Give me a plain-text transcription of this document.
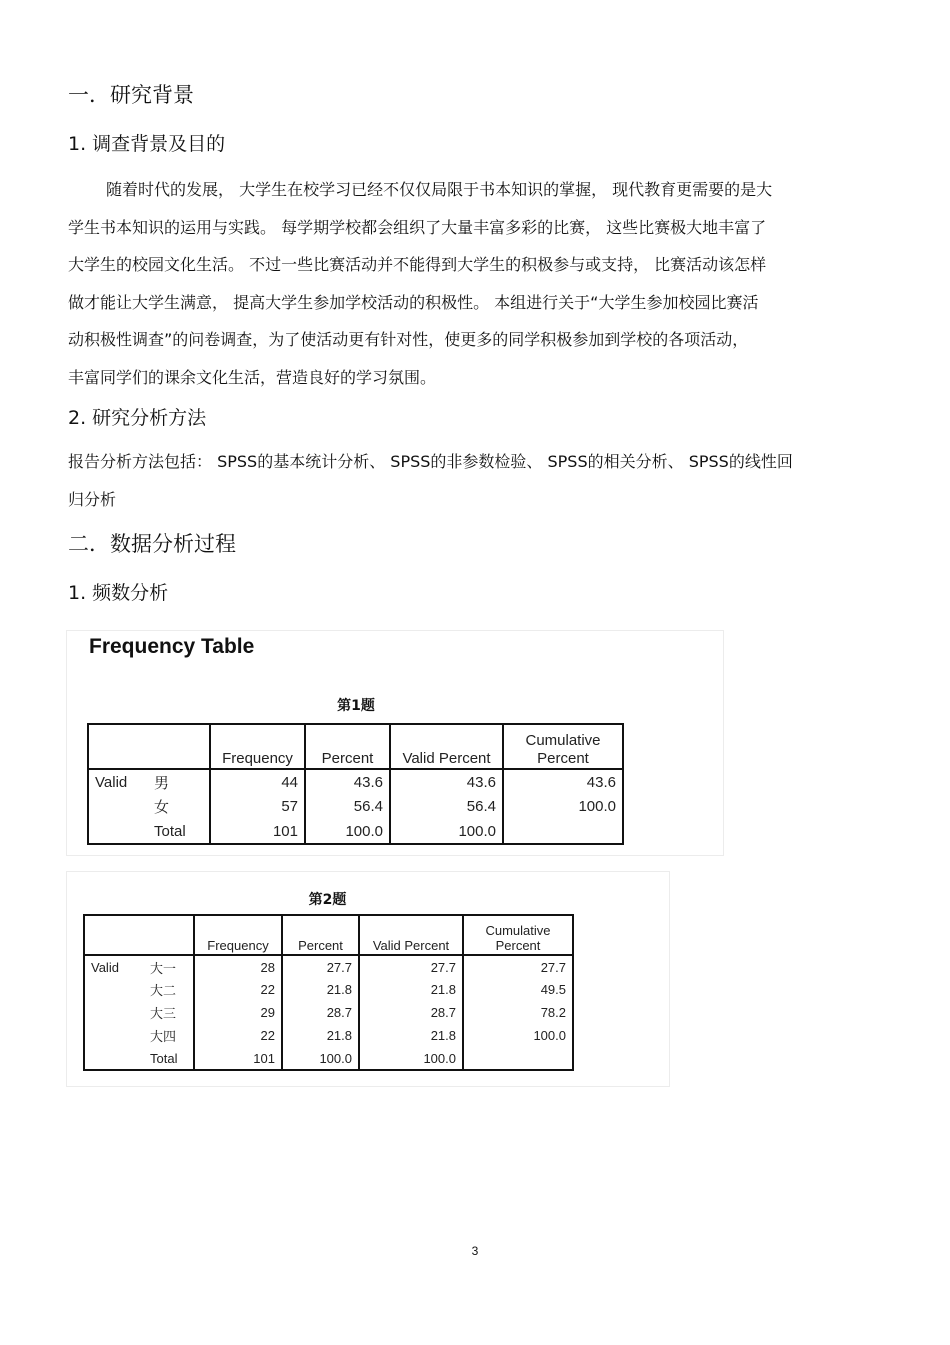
一．研究背景
1. 调查背景及目的
随着时代的发展， 大学生在校学习已经不仅仅局限于书本知识的掌握， 现代教育更需要的是大
学生书本知识的运用与实践。 每学期学校都会组织了大量丰富多彩的比赛， 这些比赛极大地丰富了
大学生的校园文化生活。 不过一些比赛活动并不能得到大学生的积极参与或支持， 比赛活动该怎样
做才能让大学生满意， 提高大学生参加学校活动的积极性。 本组进行关于“大学生参加校园比赛活
动积极性调查”的问卷调查，为了使活动更有针对性，使更多的同学积极参加到学校的各项活动，
丰富同学们的课余文化生活，营造良好的学习氛围。
2. 研究分析方法
报告分析方法包括： SPSS的基本统计分析、 SPSS的非参数检验、 SPSS的相关分析、 SPSS的线性回
归分析
二．数据分析过程
1. 频数分析
Frequency Table
第1题
		Frequency	Percent	Valid Percent	Cumulative Percent
Valid	男	44	43.6	43.6	43.6
	女	57	56.4	56.4	100.0
	Total	101	100.0	100.0	
第2题
		Frequency	Percent	Valid Percent	Cumulative Percent
Valid	大一	28	27.7	27.7	27.7
	大二	22	21.8	21.8	49.5
	大三	29	28.7	28.7	78.2
	大四	22	21.8	21.8	100.0
	Total	101	100.0	100.0	
3
